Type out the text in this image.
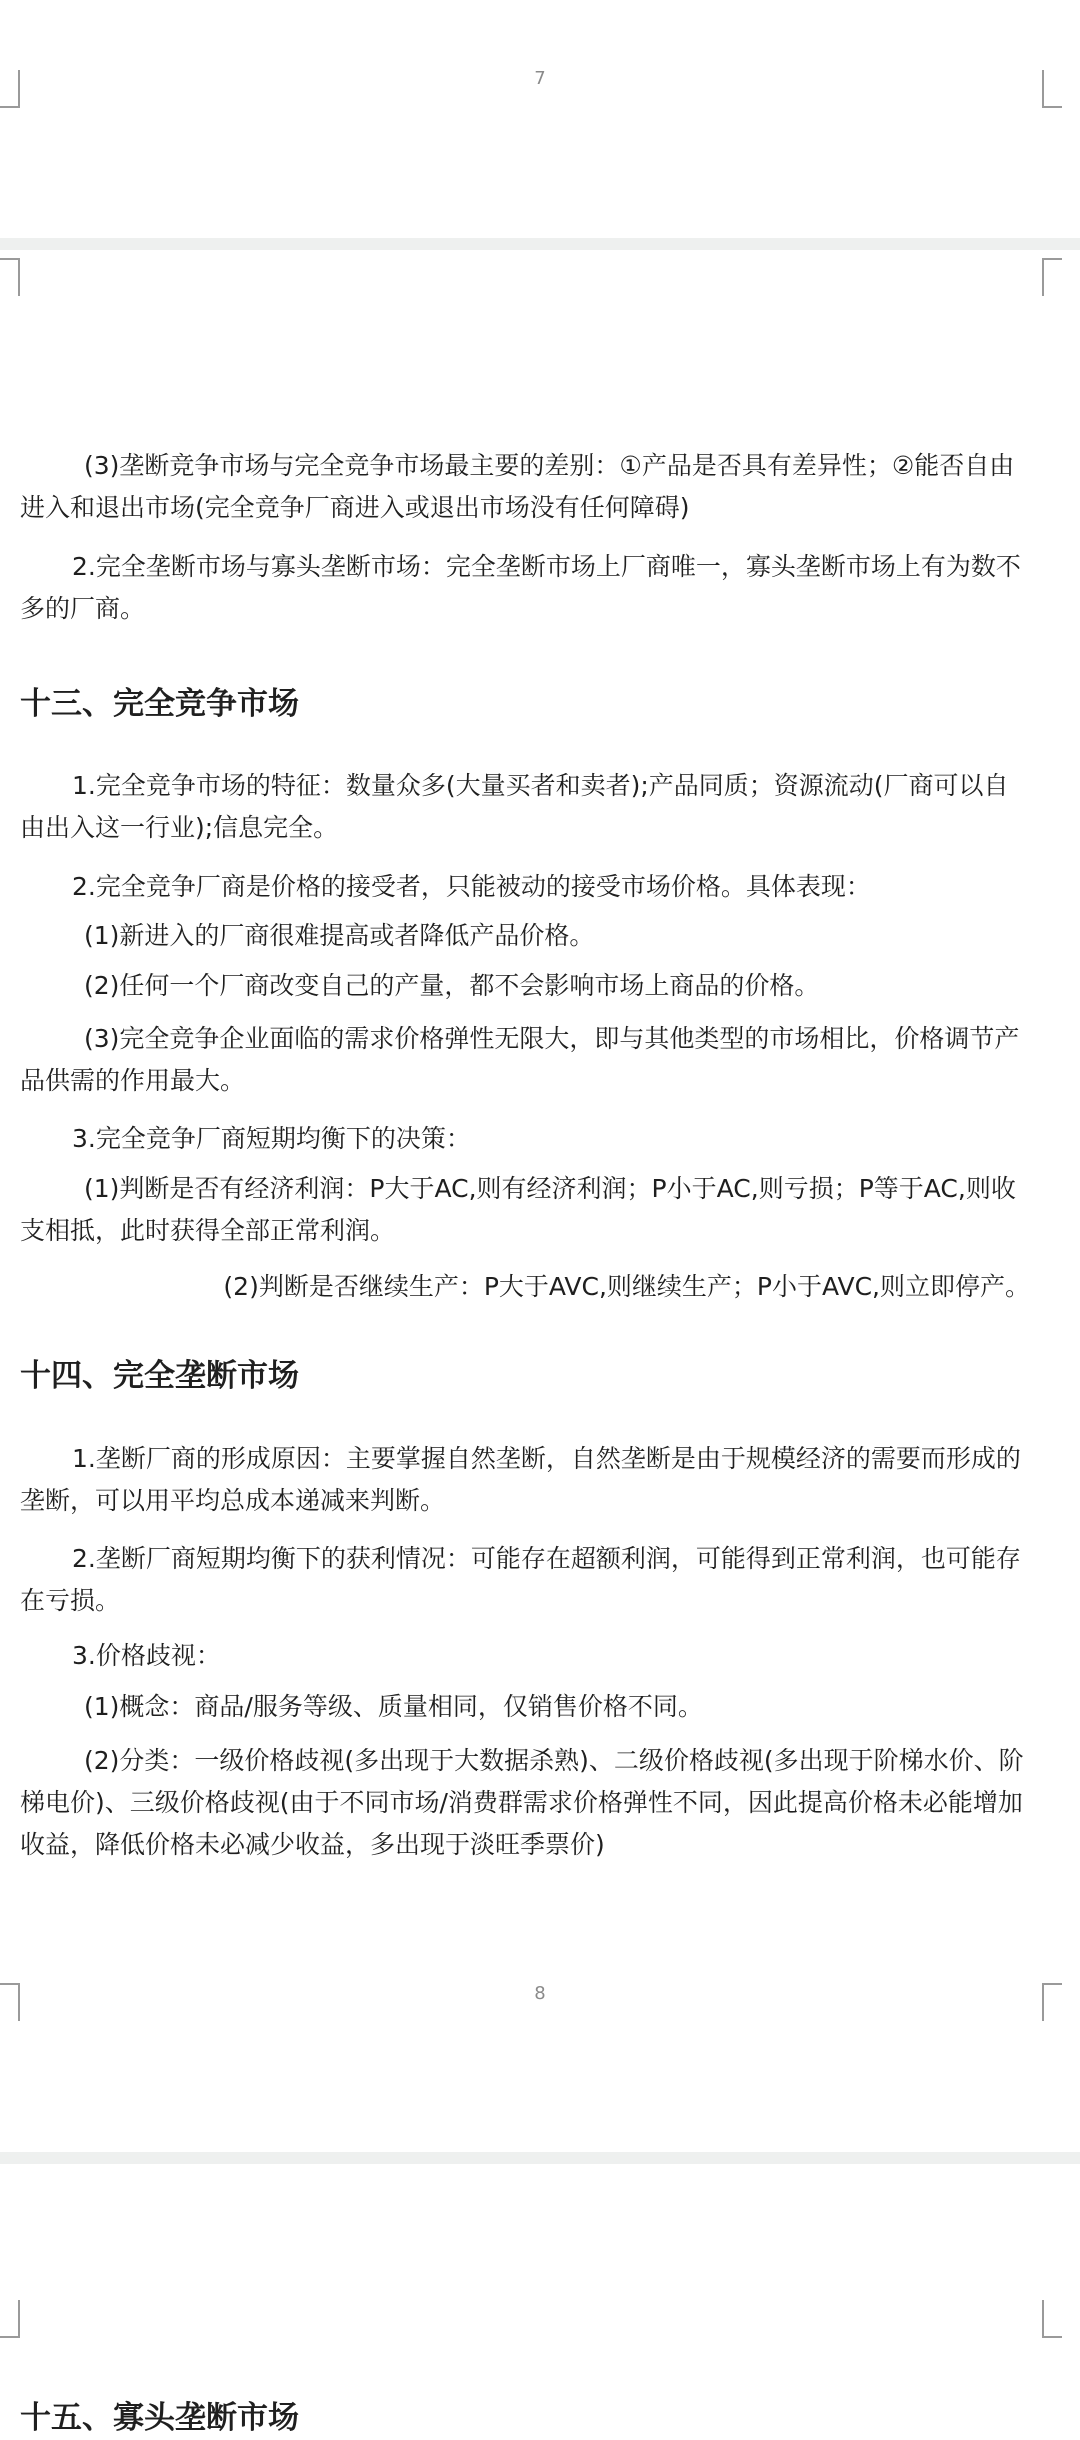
7

(3)垄断竞争市场与完全竞争市场最主要的差别：①产品是否具有差异性；②能否自由进入和退出市场(完全竞争厂商进入或退出市场没有任何障碍)

2.完全垄断市场与寡头垄断市场：完全垄断市场上厂商唯一，寡头垄断市场上有为数不多的厂商。

十三、完全竞争市场

1.完全竞争市场的特征：数量众多(大量买者和卖者);产品同质；资源流动(厂商可以自由出入这一行业);信息完全。

2.完全竞争厂商是价格的接受者，只能被动的接受市场价格。具体表现：

(1)新进入的厂商很难提高或者降低产品价格。

(2)任何一个厂商改变自己的产量，都不会影响市场上商品的价格。

(3)完全竞争企业面临的需求价格弹性无限大，即与其他类型的市场相比，价格调节产品供需的作用最大。

3.完全竞争厂商短期均衡下的决策：

(1)判断是否有经济利润：P大于AC,则有经济利润；P小于AC,则亏损；P等于AC,则收支相抵，此时获得全部正常利润。

(2)判断是否继续生产：P大于AVC,则继续生产；P小于AVC,则立即停产。

十四、完全垄断市场

1.垄断厂商的形成原因：主要掌握自然垄断，自然垄断是由于规模经济的需要而形成的垄断，可以用平均总成本递减来判断。

2.垄断厂商短期均衡下的获利情况：可能存在超额利润，可能得到正常利润，也可能存在亏损。

3.价格歧视：

(1)概念：商品/服务等级、质量相同，仅销售价格不同。

(2)分类：一级价格歧视(多出现于大数据杀熟)、二级价格歧视(多出现于阶梯水价、阶梯电价)、三级价格歧视(由于不同市场/消费群需求价格弹性不同，因此提高价格未必能增加收益，降低价格未必减少收益，多出现于淡旺季票价)

8
十五、寡头垄断市场
